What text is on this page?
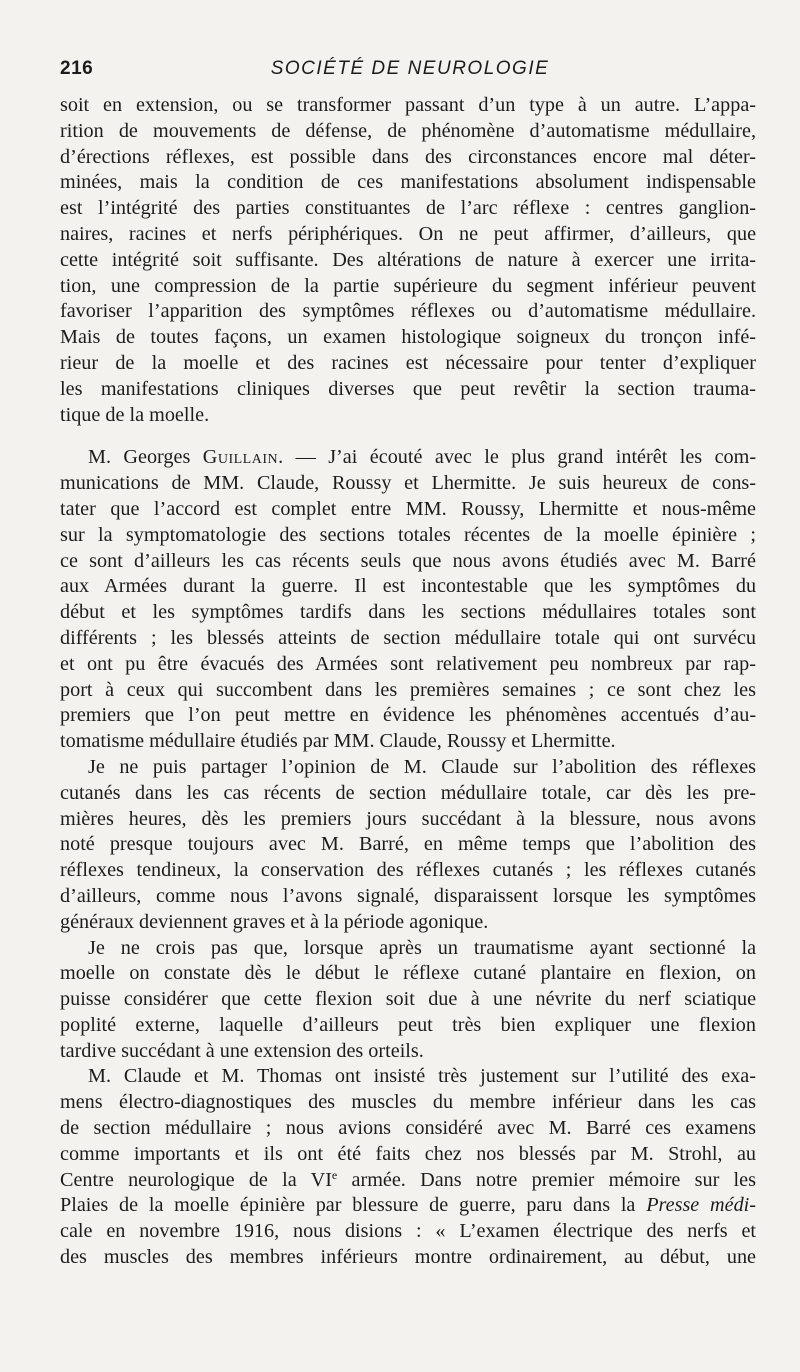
216	SOCIÉTÉ DE NEUROLOGIE

soit en extension, ou se transformer passant d’un type à un autre. L’appa-
rition de mouvements de défense, de phénomène d’automatisme médullaire,
d’érections réflexes, est possible dans des circonstances encore mal déter-
minées, mais la condition de ces manifestations absolument indispensable
est l’intégrité des parties constituantes de l’arc réflexe : centres ganglion-
naires, racines et nerfs périphériques. On ne peut affirmer, d’ailleurs, que
cette intégrité soit suffisante. Des altérations de nature à exercer une irrita-
tion, une compression de la partie supérieure du segment inférieur peuvent
favoriser l’apparition des symptômes réflexes ou d’automatisme médullaire.
Mais de toutes façons, un examen histologique soigneux du tronçon infé-
rieur de la moelle et des racines est nécessaire pour tenter d’expliquer
les manifestations cliniques diverses que peut revêtir la section trauma-
tique de la moelle.

M. Georges Guillain. — J’ai écouté avec le plus grand intérêt les com-
munications de MM. Claude, Roussy et Lhermitte. Je suis heureux de cons-
tater que l’accord est complet entre MM. Roussy, Lhermitte et nous-même
sur la symptomatologie des sections totales récentes de la moelle épinière ;
ce sont d’ailleurs les cas récents seuls que nous avons étudiés avec M. Barré
aux Armées durant la guerre. Il est incontestable que les symptômes du
début et les symptômes tardifs dans les sections médullaires totales sont
différents ; les blessés atteints de section médullaire totale qui ont survécu
et ont pu être évacués des Armées sont relativement peu nombreux par rap-
port à ceux qui succombent dans les premières semaines ; ce sont chez les
premiers que l’on peut mettre en évidence les phénomènes accentués d’au-
tomatisme médullaire étudiés par MM. Claude, Roussy et Lhermitte.

Je ne puis partager l’opinion de M. Claude sur l’abolition des réflexes
cutanés dans les cas récents de section médullaire totale, car dès les pre-
mières heures, dès les premiers jours succédant à la blessure, nous avons
noté presque toujours avec M. Barré, en même temps que l’abolition des
réflexes tendineux, la conservation des réflexes cutanés ; les réflexes cutanés
d’ailleurs, comme nous l’avons signalé, disparaissent lorsque les symptômes
généraux deviennent graves et à la période agonique.

Je ne crois pas que, lorsque après un traumatisme ayant sectionné la
moelle on constate dès le début le réflexe cutané plantaire en flexion, on
puisse considérer que cette flexion soit due à une névrite du nerf sciatique
poplité externe, laquelle d’ailleurs peut très bien expliquer une flexion
tardive succédant à une extension des orteils.

M. Claude et M. Thomas ont insisté très justement sur l’utilité des exa-
mens électro-diagnostiques des muscles du membre inférieur dans les cas
de section médullaire ; nous avions considéré avec M. Barré ces examens
comme importants et ils ont été faits chez nos blessés par M. Strohl, au
Centre neurologique de la VIe armée. Dans notre premier mémoire sur les
Plaies de la moelle épinière par blessure de guerre, paru dans la Presse médi-
cale en novembre 1916, nous disions : « L’examen électrique des nerfs et
des muscles des membres inférieurs montre ordinairement, au début, une
